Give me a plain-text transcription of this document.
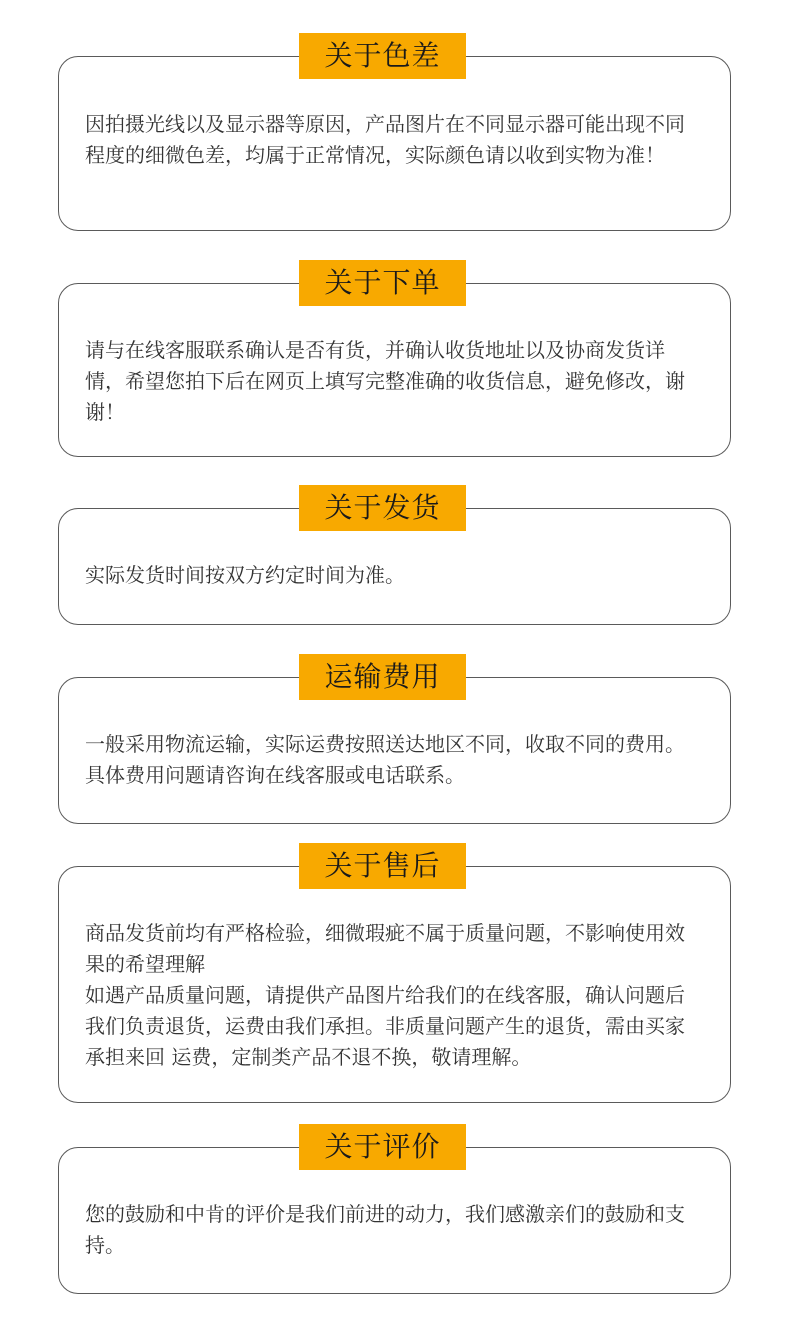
关于色差

因拍摄光线以及显示器等原因，产品图片在不同显示器可能出现不同程度的细微色差，均属于正常情况，实际颜色请以收到实物为准！

关于下单

请与在线客服联系确认是否有货，并确认收货地址以及协商发货详情，希望您拍下后在网页上填写完整准确的收货信息，避免修改，谢谢！

关于发货

实际发货时间按双方约定时间为准。

运输费用

一般采用物流运输，实际运费按照送达地区不同，收取不同的费用。具体费用问题请咨询在线客服或电话联系。

关于售后

商品发货前均有严格检验，细微瑕疵不属于质量问题，不影响使用效果的希望理解

如遇产品质量问题，请提供产品图片给我们的在线客服，确认问题后我们负责退货，运费由我们承担。非质量问题产生的退货，需由买家承担来回 运费，定制类产品不退不换，敬请理解。

关于评价

您的鼓励和中肯的评价是我们前进的动力，我们感激亲们的鼓励和支持。
